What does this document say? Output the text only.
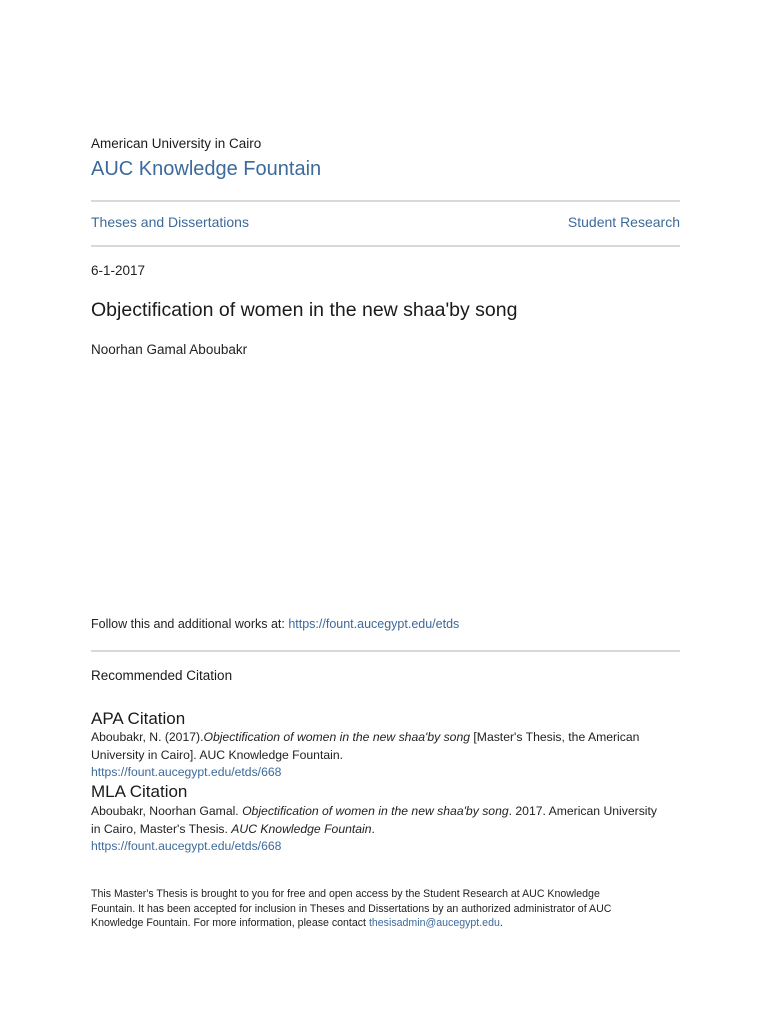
American University in Cairo
AUC Knowledge Fountain
Theses and Dissertations	Student Research
6-1-2017
Objectification of women in the new shaa'by song
Noorhan Gamal Aboubakr
Follow this and additional works at: https://fount.aucegypt.edu/etds
Recommended Citation
APA Citation
Aboubakr, N. (2017).Objectification of women in the new shaa'by song [Master's Thesis, the American
University in Cairo]. AUC Knowledge Fountain.
https://fount.aucegypt.edu/etds/668
MLA Citation
Aboubakr, Noorhan Gamal. Objectification of women in the new shaa'by song. 2017. American University
in Cairo, Master's Thesis. AUC Knowledge Fountain.
https://fount.aucegypt.edu/etds/668
This Master's Thesis is brought to you for free and open access by the Student Research at AUC Knowledge
Fountain. It has been accepted for inclusion in Theses and Dissertations by an authorized administrator of AUC
Knowledge Fountain. For more information, please contact thesisadmin@aucegypt.edu.
